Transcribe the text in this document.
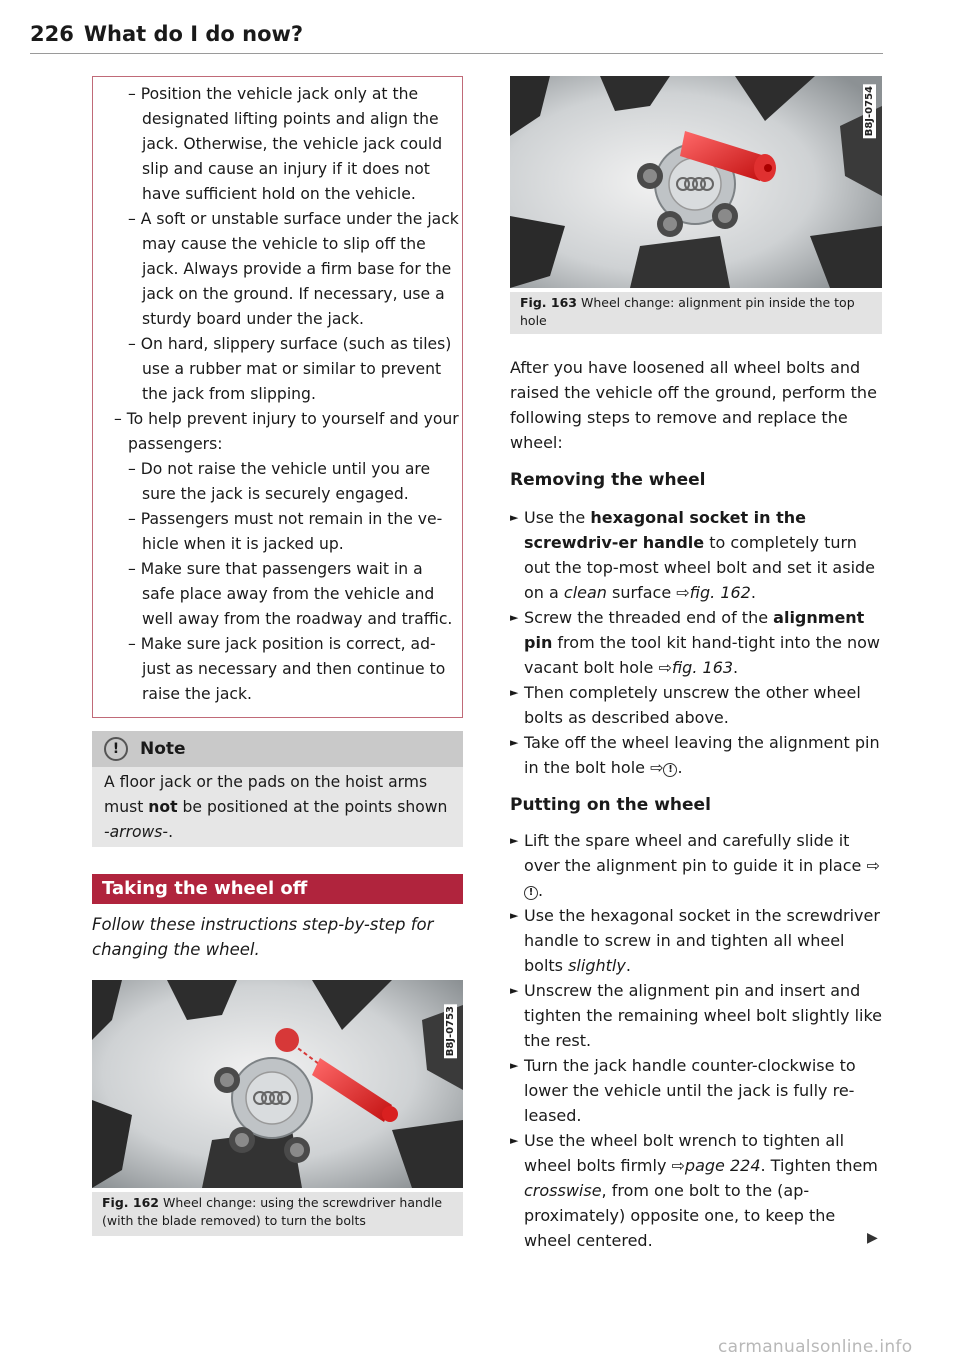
226 What do I do now?
– Position the vehicle jack only at the designated lifting points and align the jack. Otherwise, the vehicle jack could slip and cause an injury if it does not have sufficient hold on the vehicle.
– A soft or unstable surface under the jack may cause the vehicle to slip off the jack. Always provide a firm base for the jack on the ground. If necessary, use a sturdy board under the jack.
– On hard, slippery surface (such as tiles) use a rubber mat or similar to prevent the jack from slipping.
– To help prevent injury to yourself and your passengers:
– Do not raise the vehicle until you are sure the jack is securely engaged.
– Passengers must not remain in the ve-hicle when it is jacked up.
– Make sure that passengers wait in a safe place away from the vehicle and well away from the roadway and traffic.
– Make sure jack position is correct, ad-just as necessary and then continue to raise the jack.
! Note
A floor jack or the pads on the hoist arms must not be positioned at the points shown -arrows-.
Taking the wheel off
Follow these instructions step-by-step for changing the wheel.
B8J-0753
Fig. 162 Wheel change: using the screwdriver handle (with the blade removed) to turn the bolts
B8J-0754
Fig. 163 Wheel change: alignment pin inside the top hole
After you have loosened all wheel bolts and raised the vehicle off the ground, perform the following steps to remove and replace the wheel:
Removing the wheel
► Use the hexagonal socket in the screwdriv-er handle to completely turn out the top-most wheel bolt and set it aside on a clean surface ⇨fig. 162.
► Screw the threaded end of the alignment pin from the tool kit hand-tight into the now vacant bolt hole ⇨fig. 163.
► Then completely unscrew the other wheel bolts as described above.
► Take off the wheel leaving the alignment pin in the bolt hole ⇨ ! .
Putting on the wheel
► Lift the spare wheel and carefully slide it over the alignment pin to guide it in place ⇨! .
► Use the hexagonal socket in the screwdriver handle to screw in and tighten all wheel bolts slightly.
► Unscrew the alignment pin and insert and tighten the remaining wheel bolt slightly like the rest.
► Turn the jack handle counter-clockwise to lower the vehicle until the jack is fully re-leased.
► Use the wheel bolt wrench to tighten all wheel bolts firmly ⇨page 224. Tighten them crosswise, from one bolt to the (ap-proximately) opposite one, to keep the wheel centered.	▶
carmanualsonline.info
